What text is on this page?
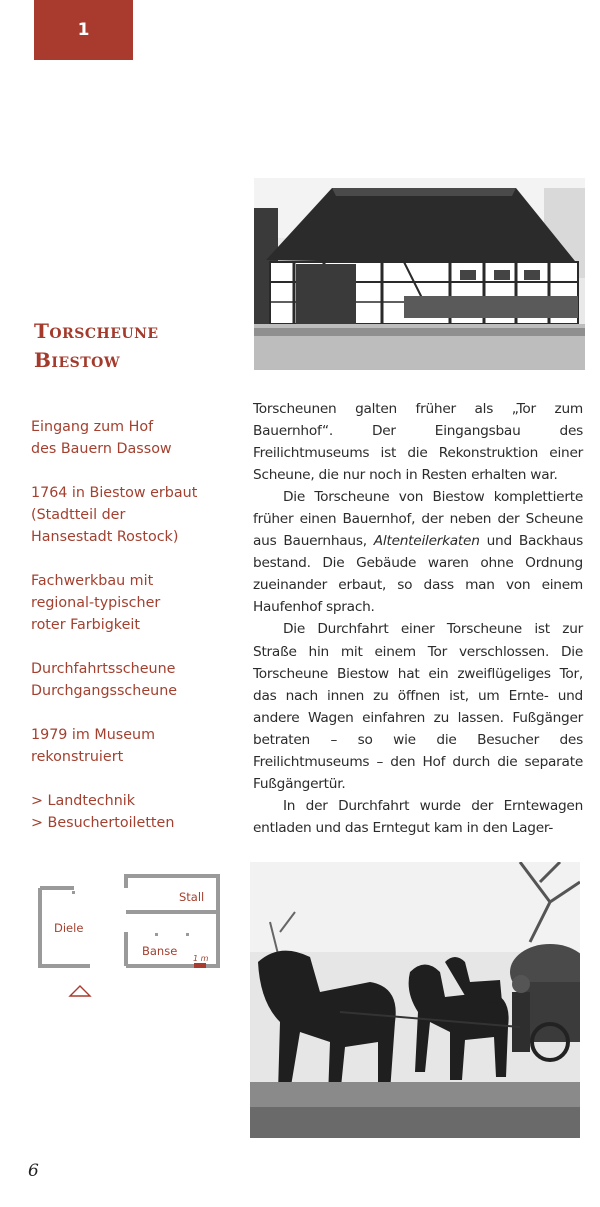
1
Torscheune
Biestow
Eingang zum Hof
des Bauern Dassow
1764 in Biestow erbaut
(Stadtteil der
Hansestadt Rostock)
Fachwerkbau mit
regional-typischer
roter Farbigkeit
Durchfahrtsscheune
Durchgangsscheune
1979 im Museum
rekonstruiert
> Landtechnik
> Besuchertoiletten

Torscheunen galten früher als „Tor zum Bauernhof“. Der Eingangsbau des Freilichtmuseums ist die Rekonstruktion einer Scheune, die nur noch in Resten erhalten war.

Die Torscheune von Biestow komplettierte früher einen Bauernhof, der neben der Scheune aus Bauernhaus, Altenteilerkaten und Backhaus bestand. Die Gebäude waren ohne Ordnung zueinander erbaut, so dass man von einem Haufenhof sprach.

Die Durchfahrt einer Torscheune ist zur Straße hin mit einem Tor verschlossen. Die Torscheune Biestow hat ein zweiflügeliges Tor, das nach innen zu öffnen ist, um Ernte- und andere Wagen einfahren zu lassen. Fußgänger betraten – so wie die Besucher des Freilichtmuseums – den Hof durch die separate Fußgängertür.

In der Durchfahrt wurde der Erntewagen entladen und das Erntegut kam in den Lager-

Stall
Diele
Banse
1 m
6
